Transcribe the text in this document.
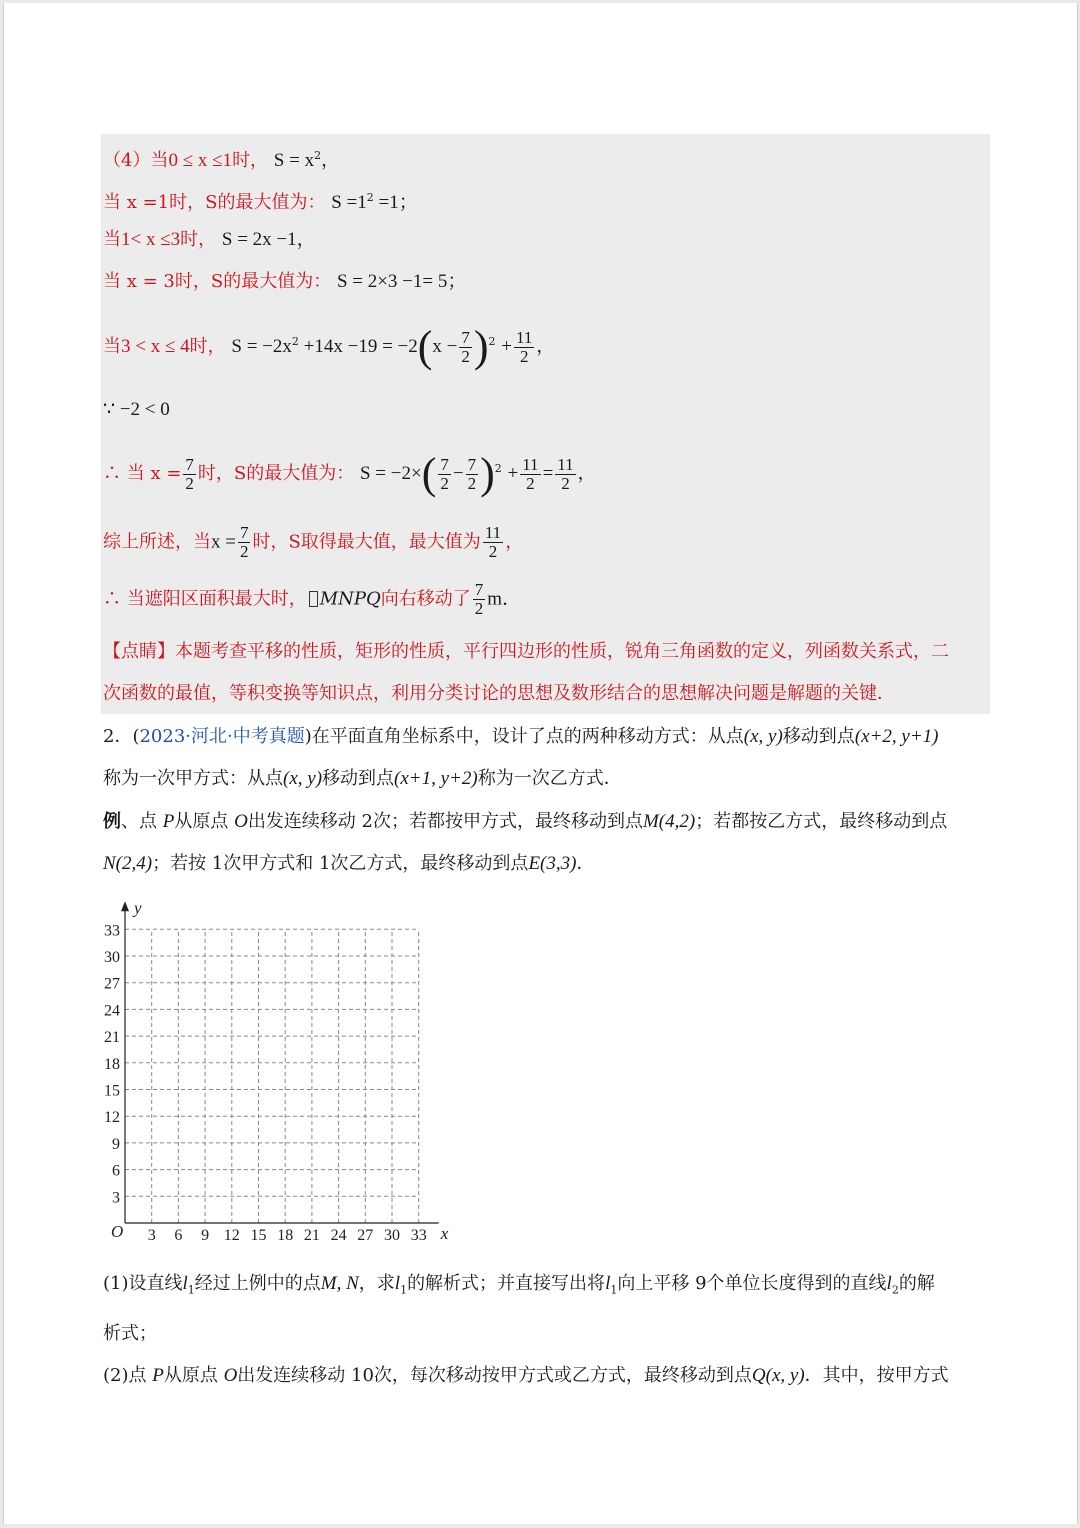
（4）当0 ≤ x ≤1时， $S = x^2$，
当 x =1时，S的最大值为： $S =1^2 =1$；
当1< x ≤3时， S = 2x −1，
当 x = 3时，S的最大值为： S = 2×3 −1= 5；
当3 < x ≤ 4时， $S = -2x^2 +14x -19 = -2(x - \frac{7}{2} )^2 + \frac{11}{2}$ ，
∵ −2 < 0
∴ 当 $x = \frac{7}{2}$ 时，S的最大值为： $S = -2\times( \frac{7}{2} - \frac{7}{2} )^2 + \frac{11}{2} = \frac{11}{2}$ ，
综上所述，当$x = \frac{7}{2}$ 时，S取得最大值，最大值为 $\frac{11}{2}$ ，
∴ 当遮阳区面积最大时， MNPQ向右移动了 $\frac{7}{2}$ m．
【点睛】本题考查平移的性质，矩形的性质，平行四边形的性质，锐角三角函数的定义，列函数关系式，二
次函数的最值，等积变换等知识点，利用分类讨论的思想及数形结合的思想解决问题是解题的关键．
2．(2023·河北·中考真题)在平面直角坐标系中，设计了点的两种移动方式：从点(x, y)移动到点(x+2, y+1)
称为一次甲方式：从点(x, y)移动到点(x+1, y+2)称为一次乙方式．
例、点 P从原点 O出发连续移动 2次；若都按甲方式，最终移动到点M(4,2)；若都按乙方式，最终移动到点
N(2,4)；若按 1次甲方式和 1次乙方式，最终移动到点E(3,3)．
3 6 9 12 15 18 21 24 27 30 33
3
6
9
12
15
18
21
24
27
30
33
O	x
y
(1)设直线$l_1$经过上例中的点M, N，求$l_1$的解析式；并直接写出将$l_1$向上平移 9个单位长度得到的直线$l_2$的解
析式；
(2)点 P从原点 O出发连续移动 10次，每次移动按甲方式或乙方式，最终移动到点Q(x, y)．其中，按甲方式
